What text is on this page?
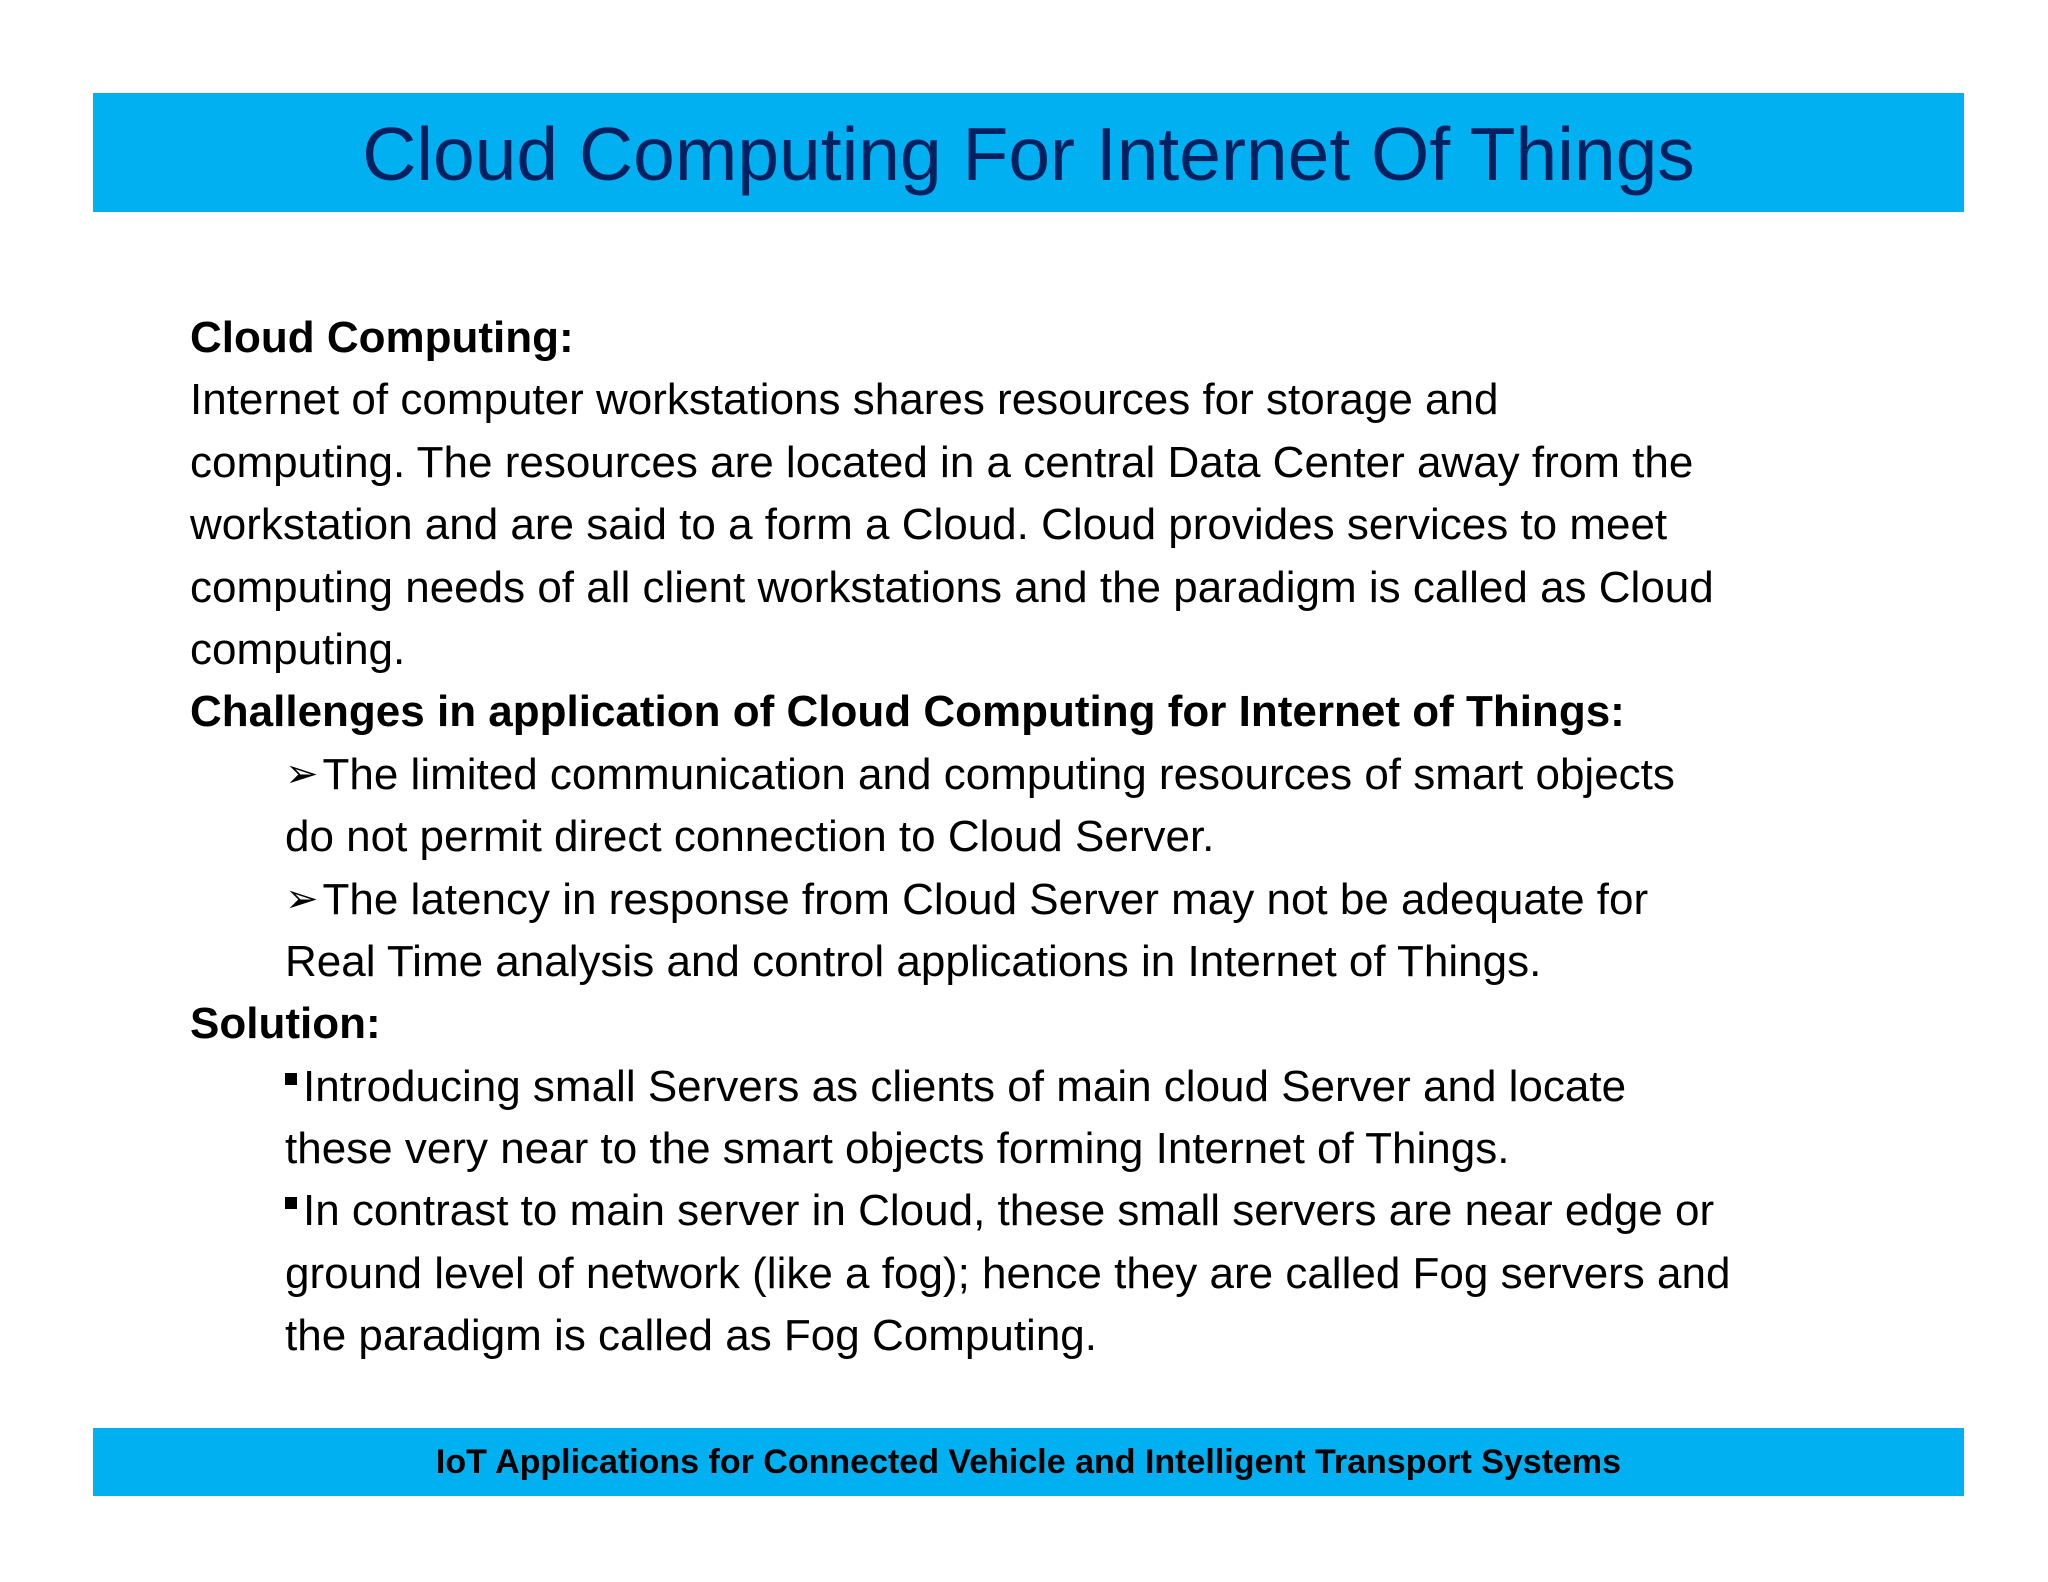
Cloud Computing For Internet Of Things
Cloud Computing:
Internet of computer workstations shares resources for storage and
computing. The resources are located in a central Data Center away from the
workstation and are said to a form a Cloud. Cloud provides services to meet
computing needs of all client workstations and the paradigm is called as Cloud
computing.
Challenges in application of Cloud Computing for Internet of Things:
➢The limited communication and computing resources of smart objects
do not permit direct connection to Cloud Server.
➢The latency in response from Cloud Server may not be adequate for
Real Time analysis and control applications in Internet of Things.
Solution:
Introducing small Servers as clients of main cloud Server and locate
these very near to the smart objects forming Internet of Things.
In contrast to main server in Cloud, these small servers are near edge or
ground level of network (like a fog); hence they are called Fog servers and
the paradigm is called as Fog Computing.
IoT Applications for Connected Vehicle and Intelligent Transport Systems
